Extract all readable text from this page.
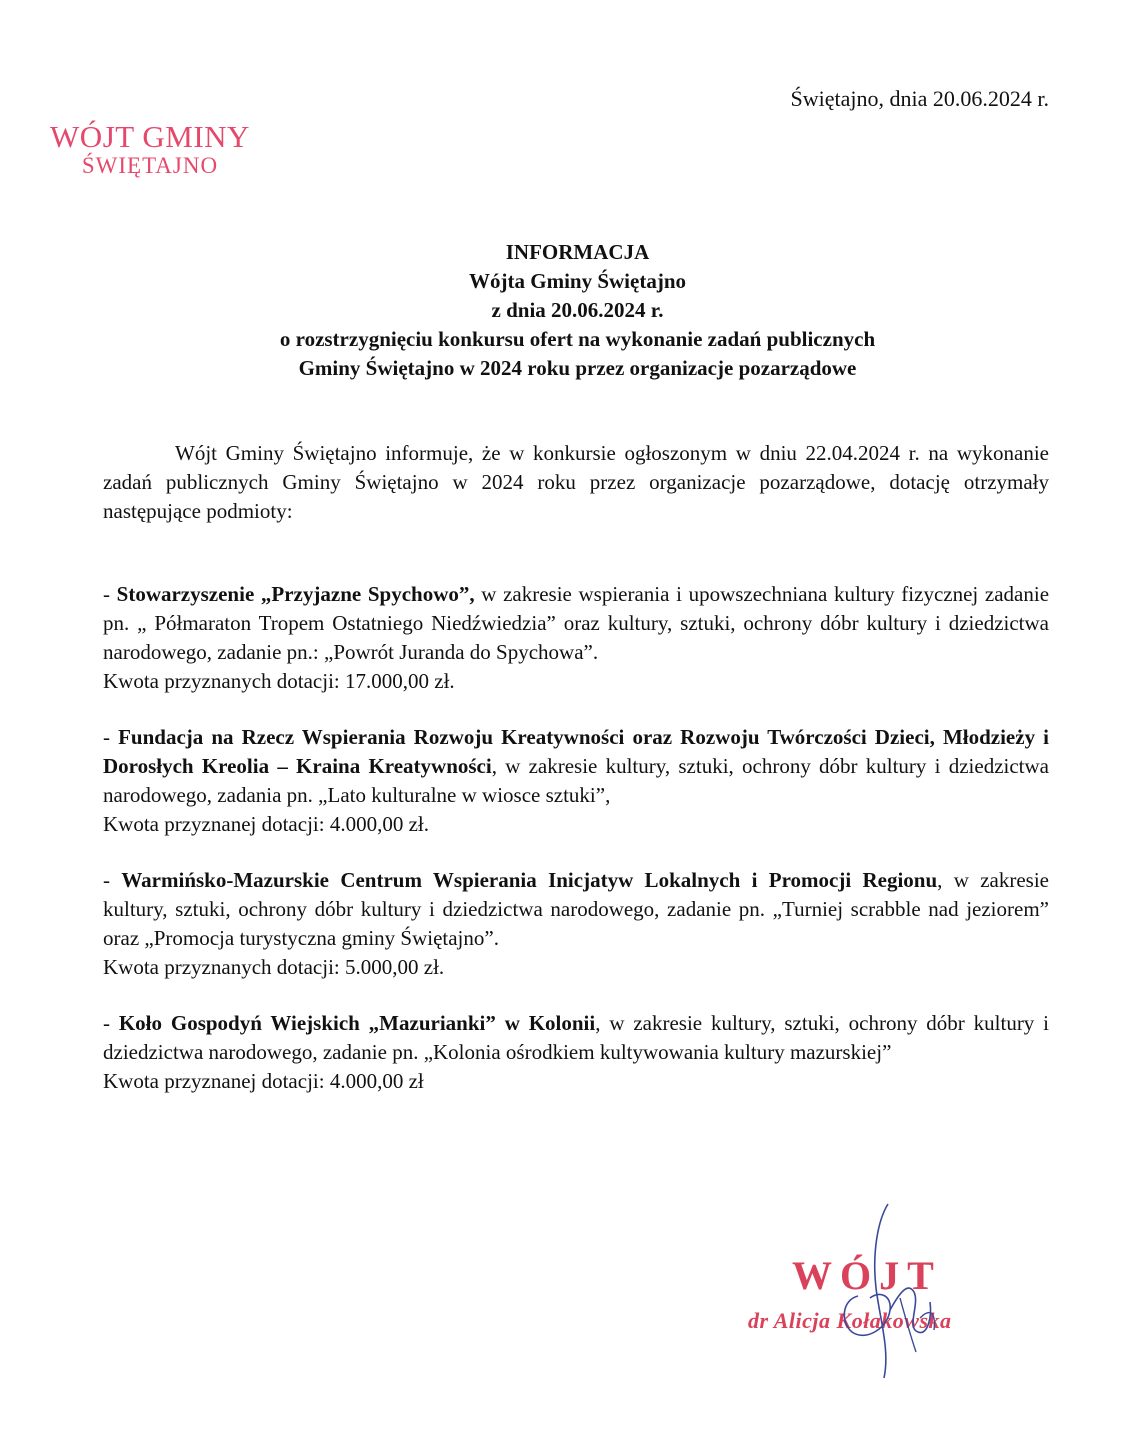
Świętajno, dnia 20.06.2024 r.
WÓJT GMINY
ŚWIĘTAJNO
INFORMACJA
Wójta Gminy Świętajno
z dnia 20.06.2024 r.
o rozstrzygnięciu konkursu ofert na wykonanie zadań publicznych
Gminy Świętajno w 2024 roku przez organizacje pozarządowe

Wójt Gminy Świętajno informuje, że w konkursie ogłoszonym w dniu 22.04.2024 r. na wykonanie zadań publicznych Gminy Świętajno w 2024 roku przez organizacje pozarządowe, dotację otrzymały następujące podmioty:

- Stowarzyszenie „Przyjazne Spychowo”, w zakresie wspierania i upowszechniana kultury fizycznej zadanie pn. „ Półmaraton Tropem Ostatniego Niedźwiedzia” oraz kultury, sztuki, ochrony dóbr kultury i dziedzictwa narodowego, zadanie pn.: „Powrót Juranda do Spychowa”.

Kwota przyznanych dotacji: 17.000,00 zł.

- Fundacja na Rzecz Wspierania Rozwoju Kreatywności oraz Rozwoju Twórczości Dzieci, Młodzieży i Dorosłych Kreolia – Kraina Kreatywności, w zakresie kultury, sztuki, ochrony dóbr kultury i dziedzictwa narodowego, zadania pn. „Lato kulturalne w wiosce sztuki”,

Kwota przyznanej dotacji: 4.000,00 zł.

- Warmińsko-Mazurskie Centrum Wspierania Inicjatyw Lokalnych i Promocji Regionu, w zakresie kultury, sztuki, ochrony dóbr kultury i dziedzictwa narodowego, zadanie pn. „Turniej scrabble nad jeziorem” oraz „Promocja turystyczna gminy Świętajno”.

Kwota przyznanych dotacji: 5.000,00 zł.

- Koło Gospodyń Wiejskich „Mazurianki” w Kolonii, w zakresie kultury, sztuki, ochrony dóbr kultury i dziedzictwa narodowego, zadanie pn. „Kolonia ośrodkiem kultywowania kultury mazurskiej”

Kwota przyznanej dotacji: 4.000,00 zł

WÓJT
dr Alicja Kołakowska
